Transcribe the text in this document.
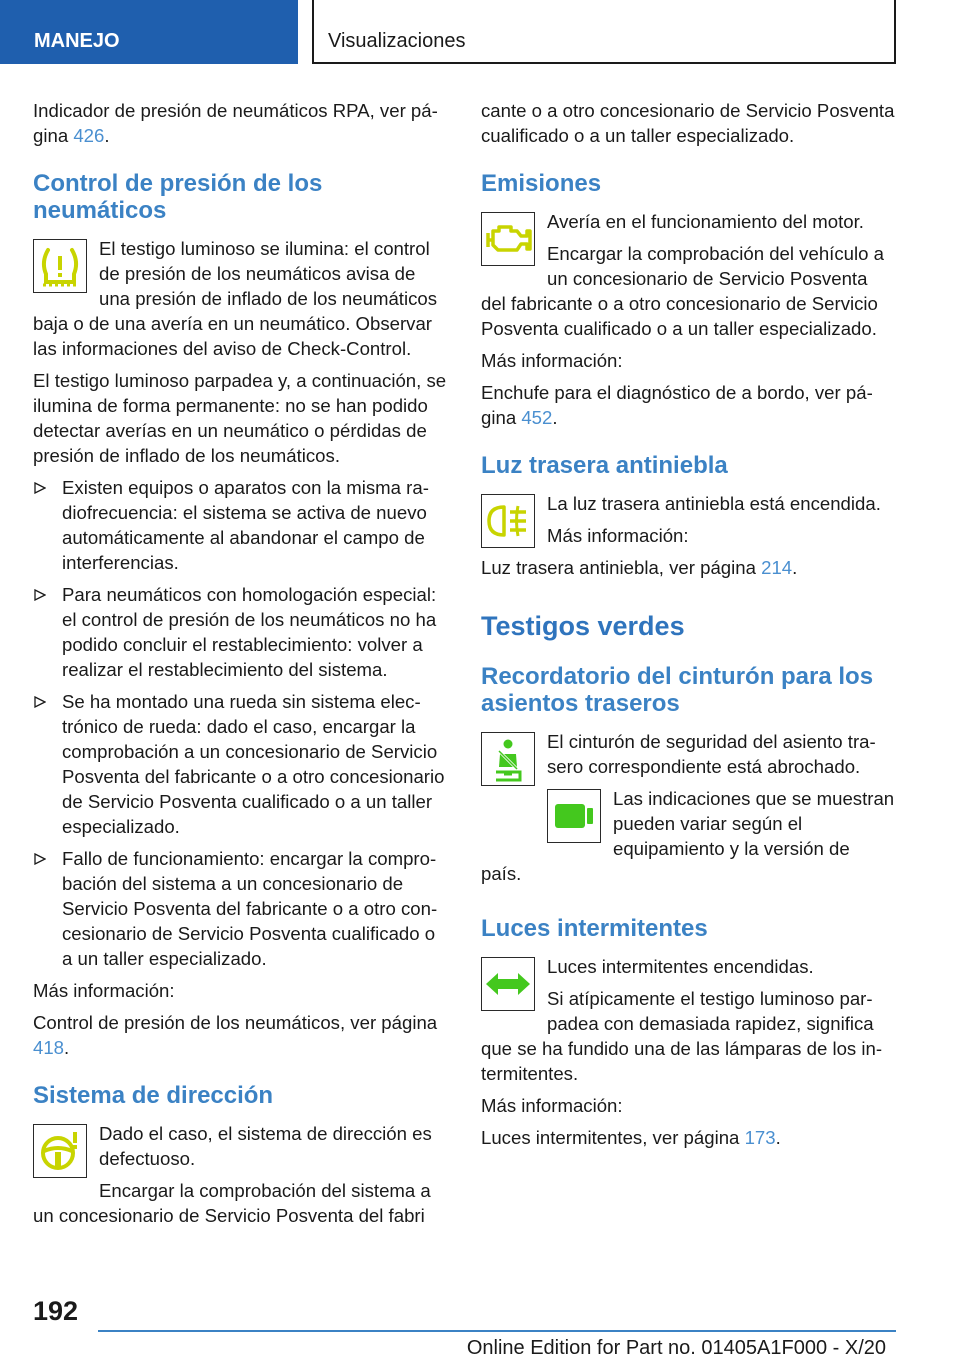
MANEJO	Visualizaciones

Indicador de presión de neumáticos RPA, ver página 426.

Control de presión de los neumáticos

El testigo luminoso se ilumina: el control de presión de los neumáticos avisa de una presión de inflado de los neumáticos baja o de una avería en un neumático. Observar las informaciones del aviso de Check-Control.

El testigo luminoso parpadea y, a continuación, se ilumina de forma permanente: no se han podido detectar averías en un neumático o pérdidas de presión de inflado de los neumáticos.

Existen equipos o aparatos con la misma radiofrecuencia: el sistema se activa de nuevo automáticamente al abandonar el campo de interferencias.
Para neumáticos con homologación especial: el control de presión de los neumáticos no ha podido concluir el restablecimiento: volver a realizar el restablecimiento del sistema.
Se ha montado una rueda sin sistema electrónico de rueda: dado el caso, encargar la comprobación a un concesionario de Servicio Posventa del fabricante o a otro concesionario de Servicio Posventa cualificado o a un taller especializado.
Fallo de funcionamiento: encargar la comprobación del sistema a un concesionario de Servicio Posventa del fabricante o a otro concesionario de Servicio Posventa cualificado o a un taller especializado.

Más información:

Control de presión de los neumáticos, ver página 418.

Sistema de dirección

Dado el caso, el sistema de dirección es defectuoso.

Encargar la comprobación del sistema a un concesionario de Servicio Posventa del fabri

cante o a otro concesionario de Servicio Posventa cualificado o a un taller especializado.

Emisiones

Avería en el funcionamiento del motor.

Encargar la comprobación del vehículo a un concesionario de Servicio Posventa del fabricante o a otro concesionario de Servicio Posventa cualificado o a un taller especializado.

Más información:

Enchufe para el diagnóstico de a bordo, ver página 452.

Luz trasera antiniebla

La luz trasera antiniebla está encendida.

Más información:

Luz trasera antiniebla, ver página 214.

Testigos verdes
Recordatorio del cinturón para los asientos traseros

El cinturón de seguridad del asiento trasero correspondiente está abrochado.

Las indicaciones que se muestran pueden variar según el equipamiento y la versión de país.

Luces intermitentes

Luces intermitentes encendidas.

Si atípicamente el testigo luminoso parpadea con demasiada rapidez, significa que se ha fundido una de las lámparas de los intermitentes.

Más información:

Luces intermitentes, ver página 173.

192
Online Edition for Part no. 01405A1F000 - X/20
